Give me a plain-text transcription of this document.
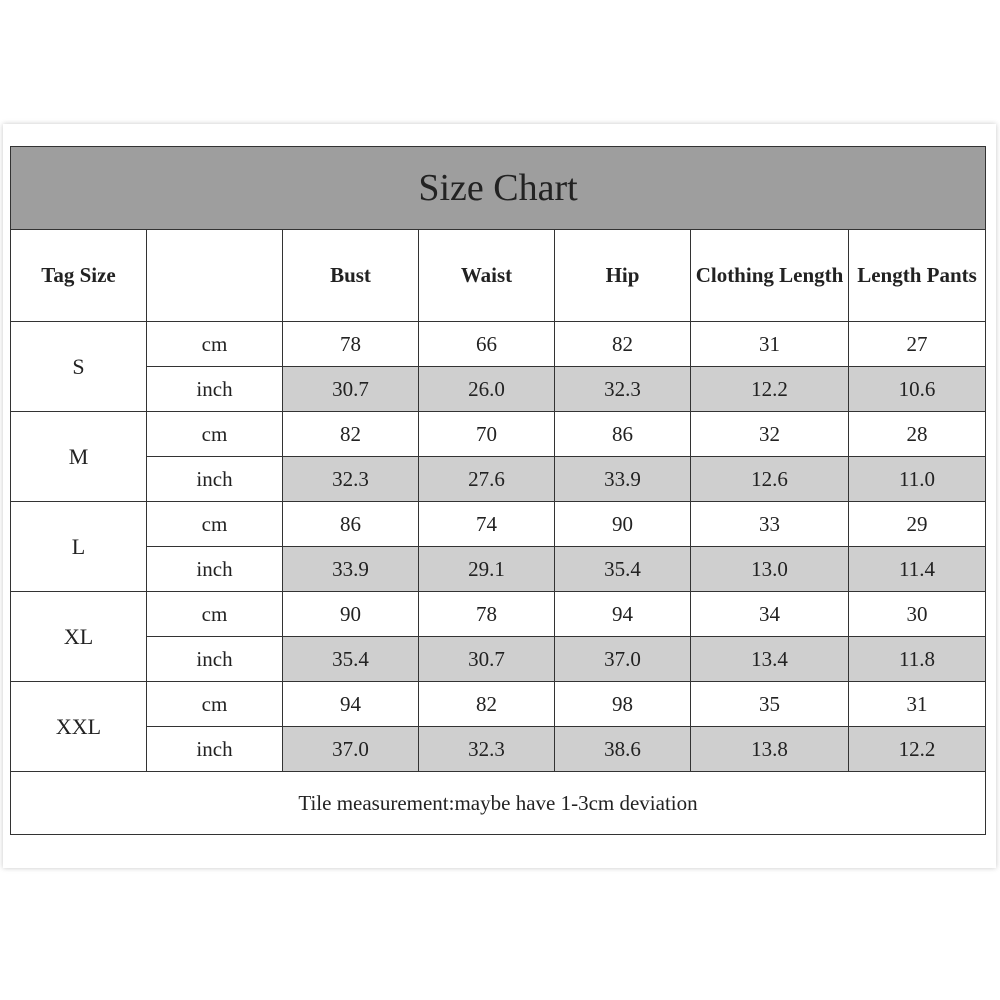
Size Chart						
Tag Size		Bust	Waist	Hip	Clothing Length	Length Pants
S	cm	78	66	82	31	27
	inch	30.7	26.0	32.3	12.2	10.6
M	cm	82	70	86	32	28
	inch	32.3	27.6	33.9	12.6	11.0
L	cm	86	74	90	33	29
	inch	33.9	29.1	35.4	13.0	11.4
XL	cm	90	78	94	34	30
	inch	35.4	30.7	37.0	13.4	11.8
XXL	cm	94	82	98	35	31
	inch	37.0	32.3	38.6	13.8	12.2
Tile measurement:maybe have 1-3cm deviation						
